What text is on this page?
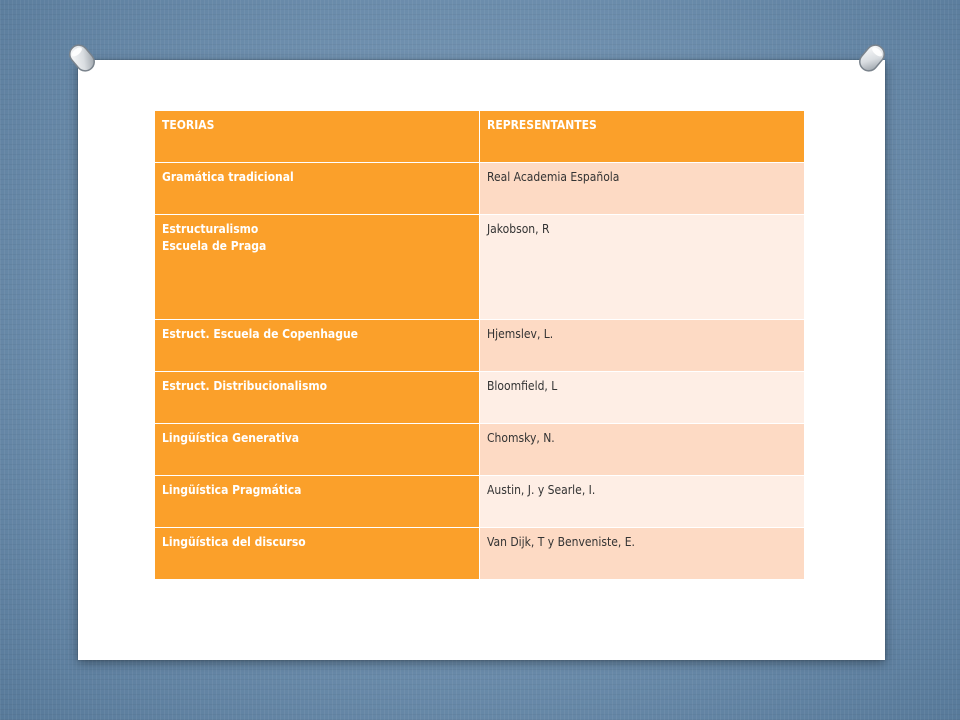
TEORIAS	REPRESENTANTES
Gramática tradicional	Real Academia Española

Estructuralismo
Escuela de Praga	Jakobson, R
Estruct. Escuela de Copenhague	Hjemslev, L.
Estruct. Distribucionalismo	Bloomfield, L
Lingüística Generativa	Chomsky, N.
Lingüística Pragmática	Austin, J. y Searle, I.
Lingüística del discurso	Van Dijk, T y Benveniste, E.
